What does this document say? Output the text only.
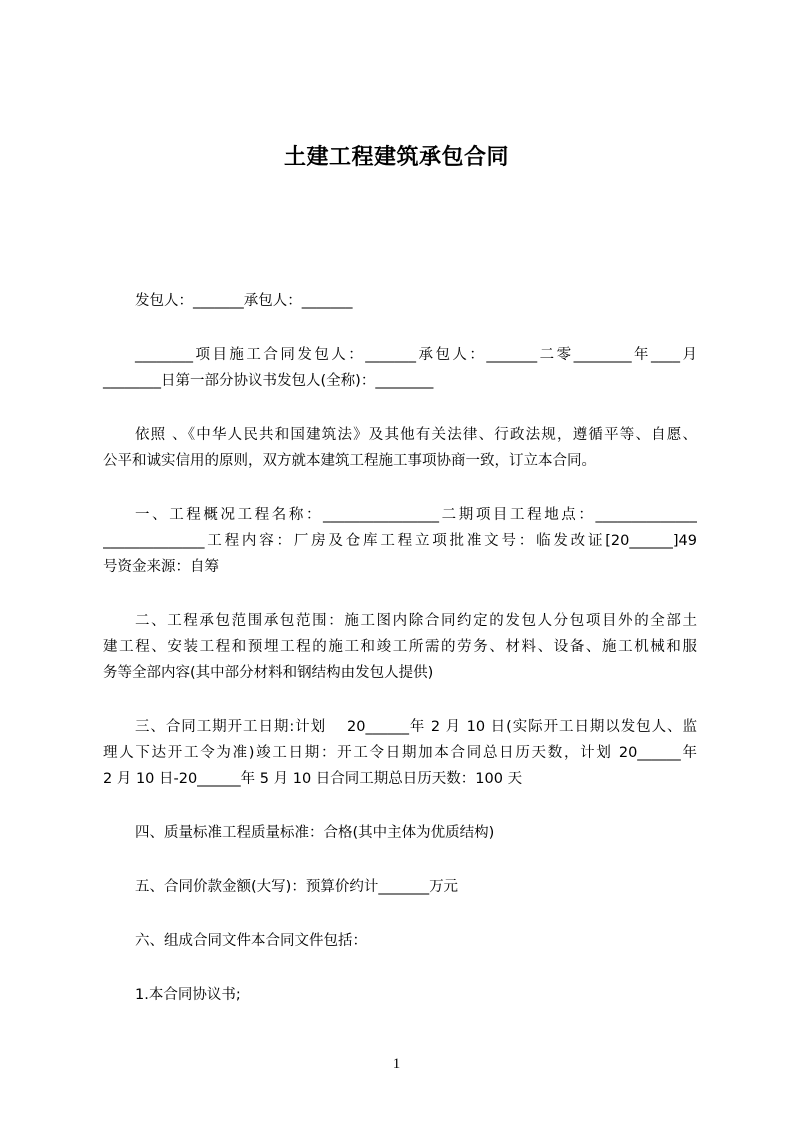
土建工程建筑承包合同
发包人：_______承包人：_______
________项目施工合同发包人：_______承包人：_______二零________年____月
________日第一部分协议书发包人(全称)：________
依照 、《中华人民共和国建筑法》及其他有关法律、行政法规，遵循平等、自愿、
公平和诚实信用的原则，双方就本建筑工程施工事项协商一致，订立本合同。
一、工程概况工程名称：________________二期项目工程地点：______________
______________工程内容：厂房及仓库工程立项批准文号：临发改证[20______]49
号资金来源：自筹
二、工程承包范围承包范围：施工图内除合同约定的发包人分包项目外的全部土
建工程、安装工程和预埋工程的施工和竣工所需的劳务、材料、设备、施工机械和服
务等全部内容(其中部分材料和钢结构由发包人提供)
三、合同工期开工日期:计划　 20______年 2 月 10 日(实际开工日期以发包人、监
理人下达开工令为准)竣工日期：开工令日期加本合同总日历天数，计划 20______年
2 月 10 日-20______年 5 月 10 日合同工期总日历天数：100 天
四、质量标准工程质量标准：合格(其中主体为优质结构)
五、合同价款金额(大写)：预算价约计_______万元
六、组成合同文件本合同文件包括：
1.本合同协议书;
1
